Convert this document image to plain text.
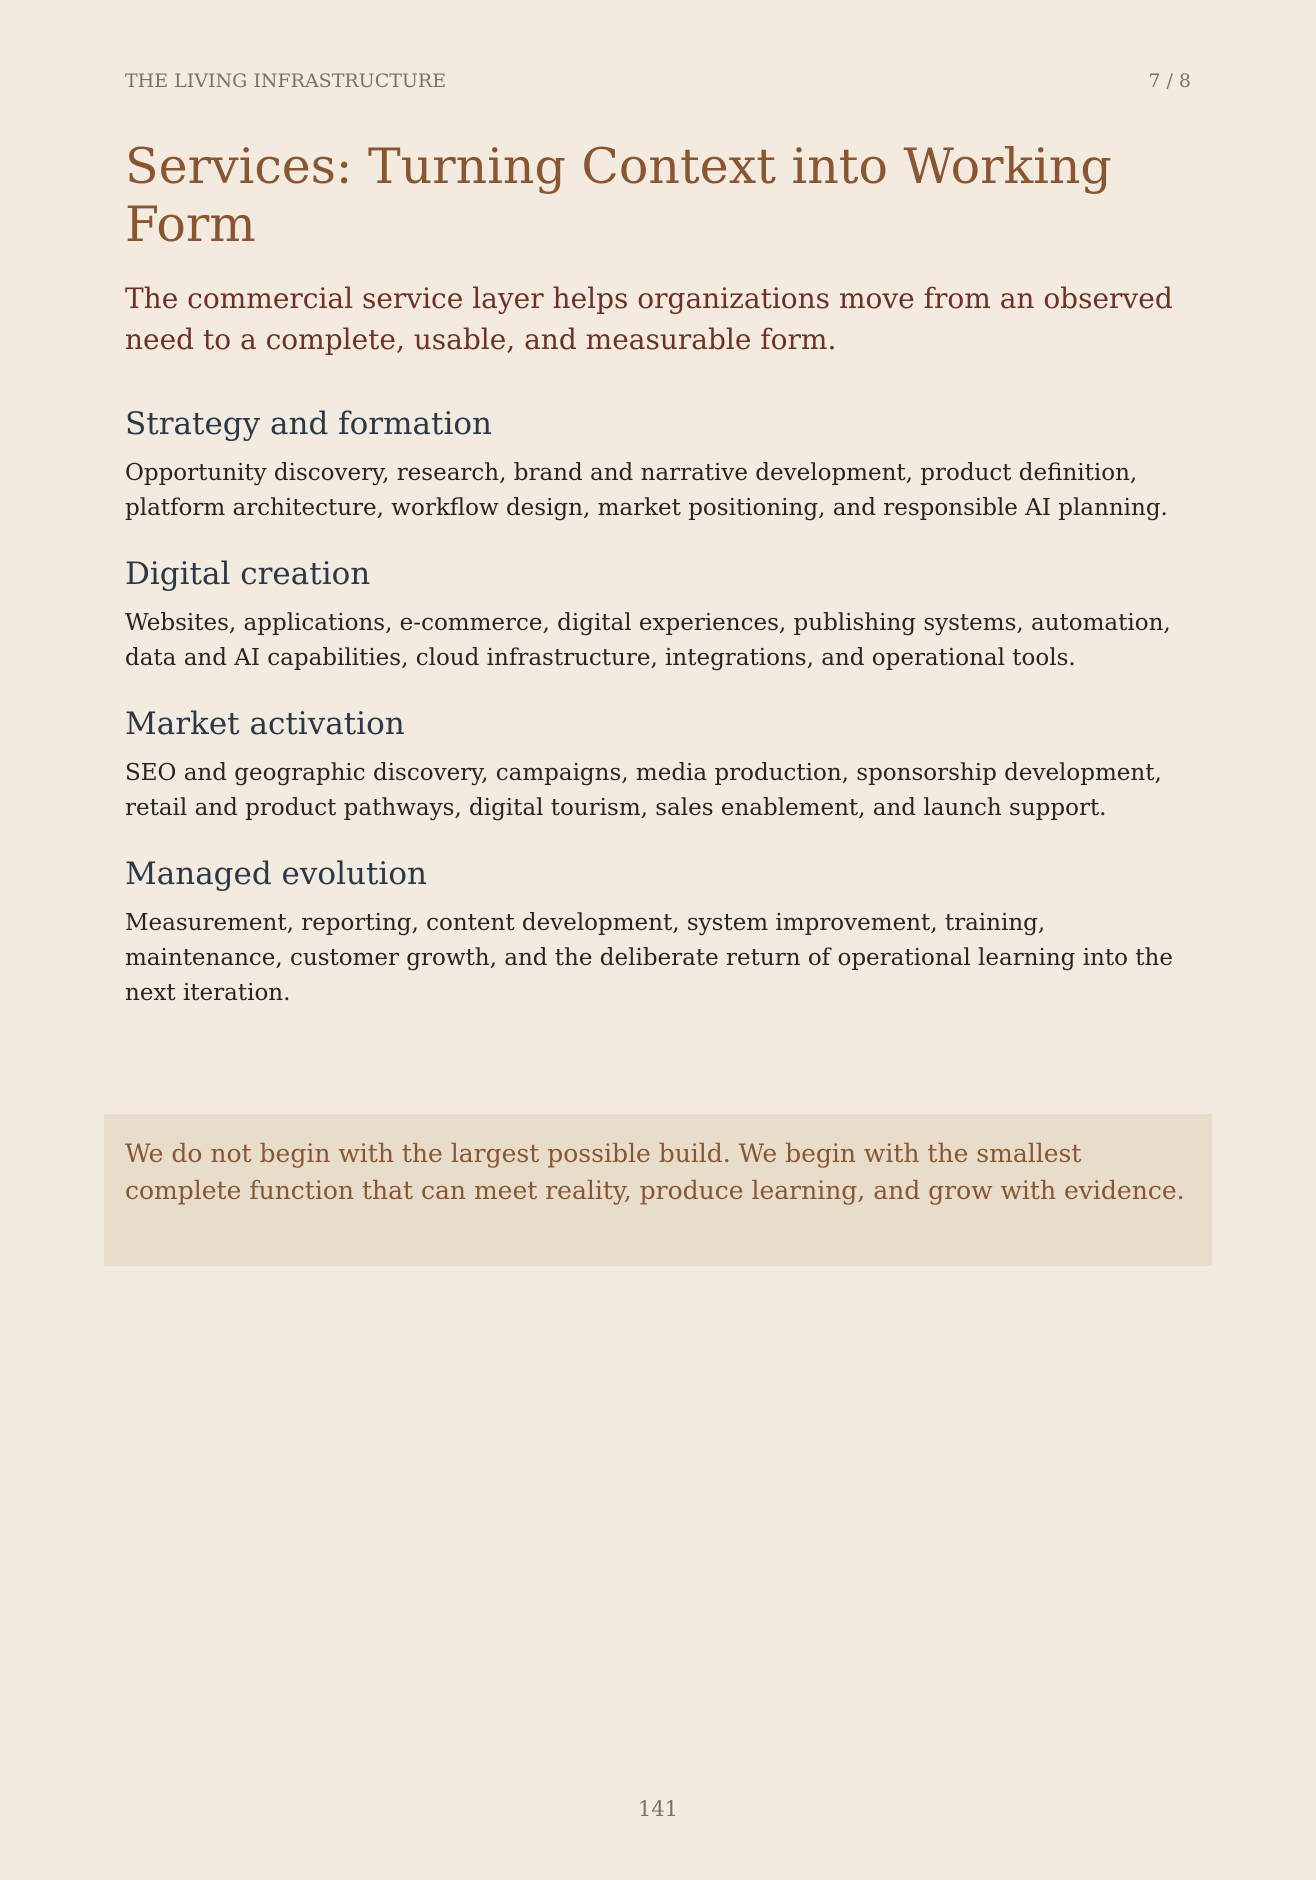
THE LIVING INFRASTRUCTURE	7 / 8
Services: Turning Context into Working Form

The commercial service layer helps organizations move from an observed need to a complete, usable, and measurable form.

Strategy and formation

Opportunity discovery, research, brand and narrative development, product definition, platform architecture, workflow design, market positioning, and responsible AI planning.

Digital creation

Websites, applications, e-commerce, digital experiences, publishing systems, automation, data and AI capabilities, cloud infrastructure, integrations, and operational tools.

Market activation

SEO and geographic discovery, campaigns, media production, sponsorship development, retail and product pathways, digital tourism, sales enablement, and launch support.

Managed evolution

Measurement, reporting, content development, system improvement, training, maintenance, customer growth, and the deliberate return of operational learning into the next iteration.

We do not begin with the largest possible build. We begin with the smallest complete function that can meet reality, produce learning, and grow with evidence.

141
